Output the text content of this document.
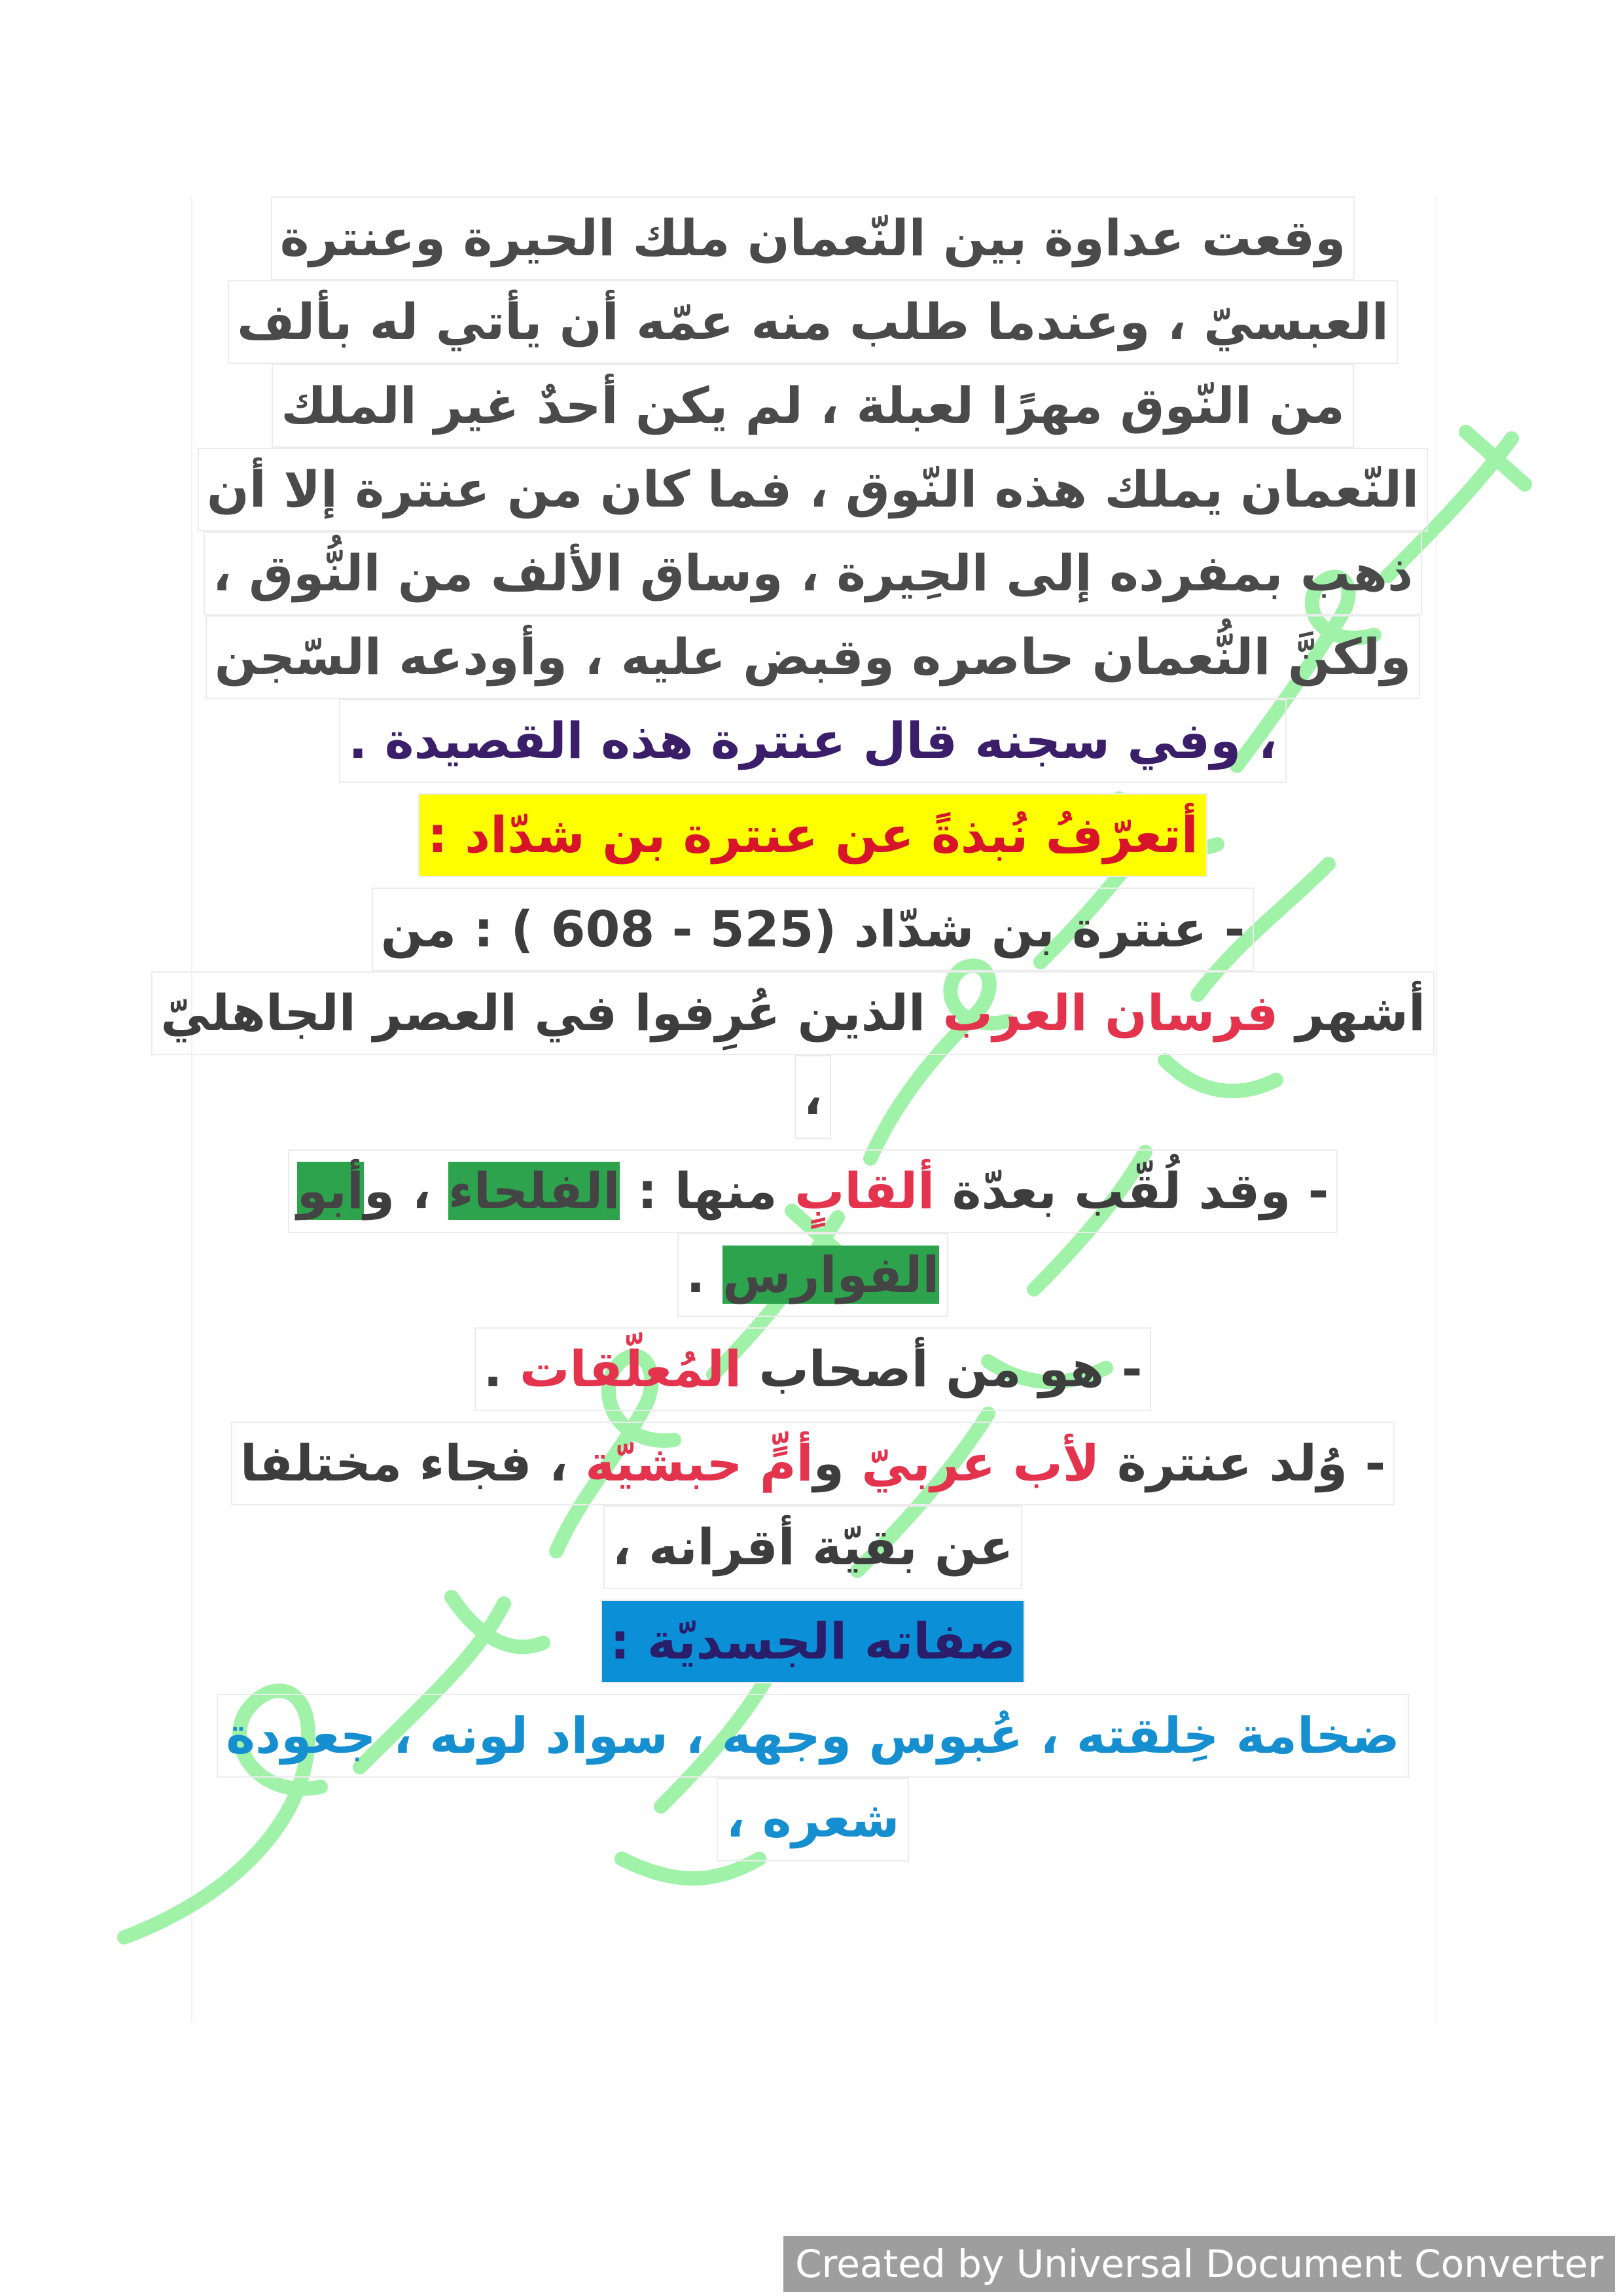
وقعت عداوة بين النّعمان ملك الحيرة وعنترة
العبسيّ ، وعندما طلب منه عمّه أن يأتي له بألف
من النّوق مهرًا لعبلة ، لم يكن أحدٌ غير الملك
النّعمان يملك هذه النّوق ، فما كان من عنترة إلا أن
ذهب بمفرده إلى الحِيرة ، وساق الألف من النُّوق ،
ولكنَّ النُّعمان حاصره وقبض عليه ، وأودعه السّجن
، وفي سجنه قال عنترة هذه القصيدة .
أتعرّفُ نُبذةً عن عنترة بن شدّاد :
- عنترة بن شدّاد (525 - 608 ) : من
أشهر فرسان العرب الذين عُرِفوا في العصر الجاهليّ
،
- وقد لُقّب بعدّة ألقابٍ منها : الفلحاء ، وأبو
الفوارس .
- هو من أصحاب المُعلّقات .
- وُلد عنترة لأب عربيّ وأمٍّ حبشيّة ، فجاء مختلفا
عن بقيّة أقرانه ،
صفاته الجسديّة :
ضخامة خِلقته ، عُبوس وجهه ، سواد لونه ، جعودة
شعره ،
Created by Universal Document Converter
